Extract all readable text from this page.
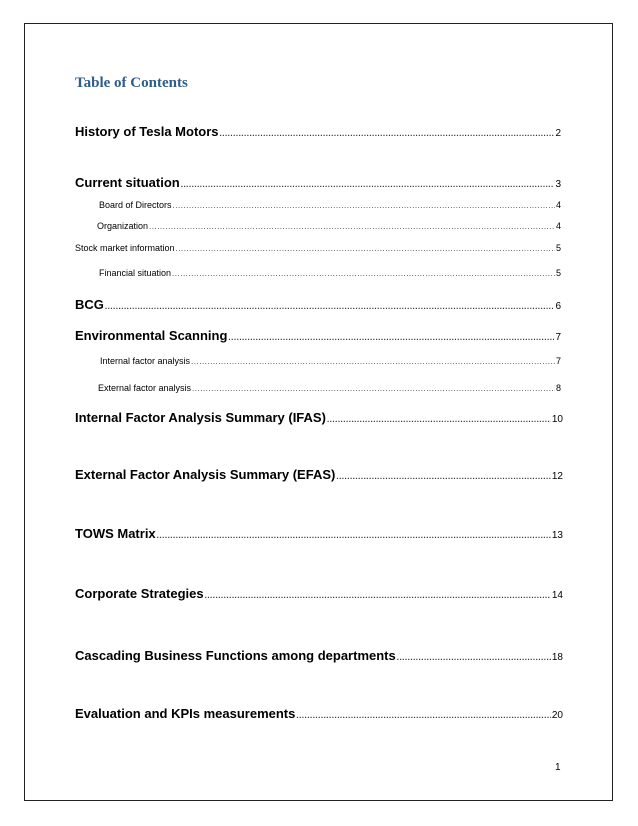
Table of Contents
History of Tesla Motors .....	2
Current situation .....	3
Board of Directors .....	4
Organization .....	4
Stock market information .....	5
Financial situation .....	5
BCG .....	6
Environmental Scanning .....	7
Internal factor analysis .....	7
External factor analysis .....	8
Internal Factor Analysis Summary (IFAS) .....	10
External Factor Analysis Summary (EFAS) .....	12
TOWS Matrix .....	13
Corporate Strategies .....	14
Cascading Business Functions among departments .....	18
Evaluation and KPIs measurements .....	20
1
